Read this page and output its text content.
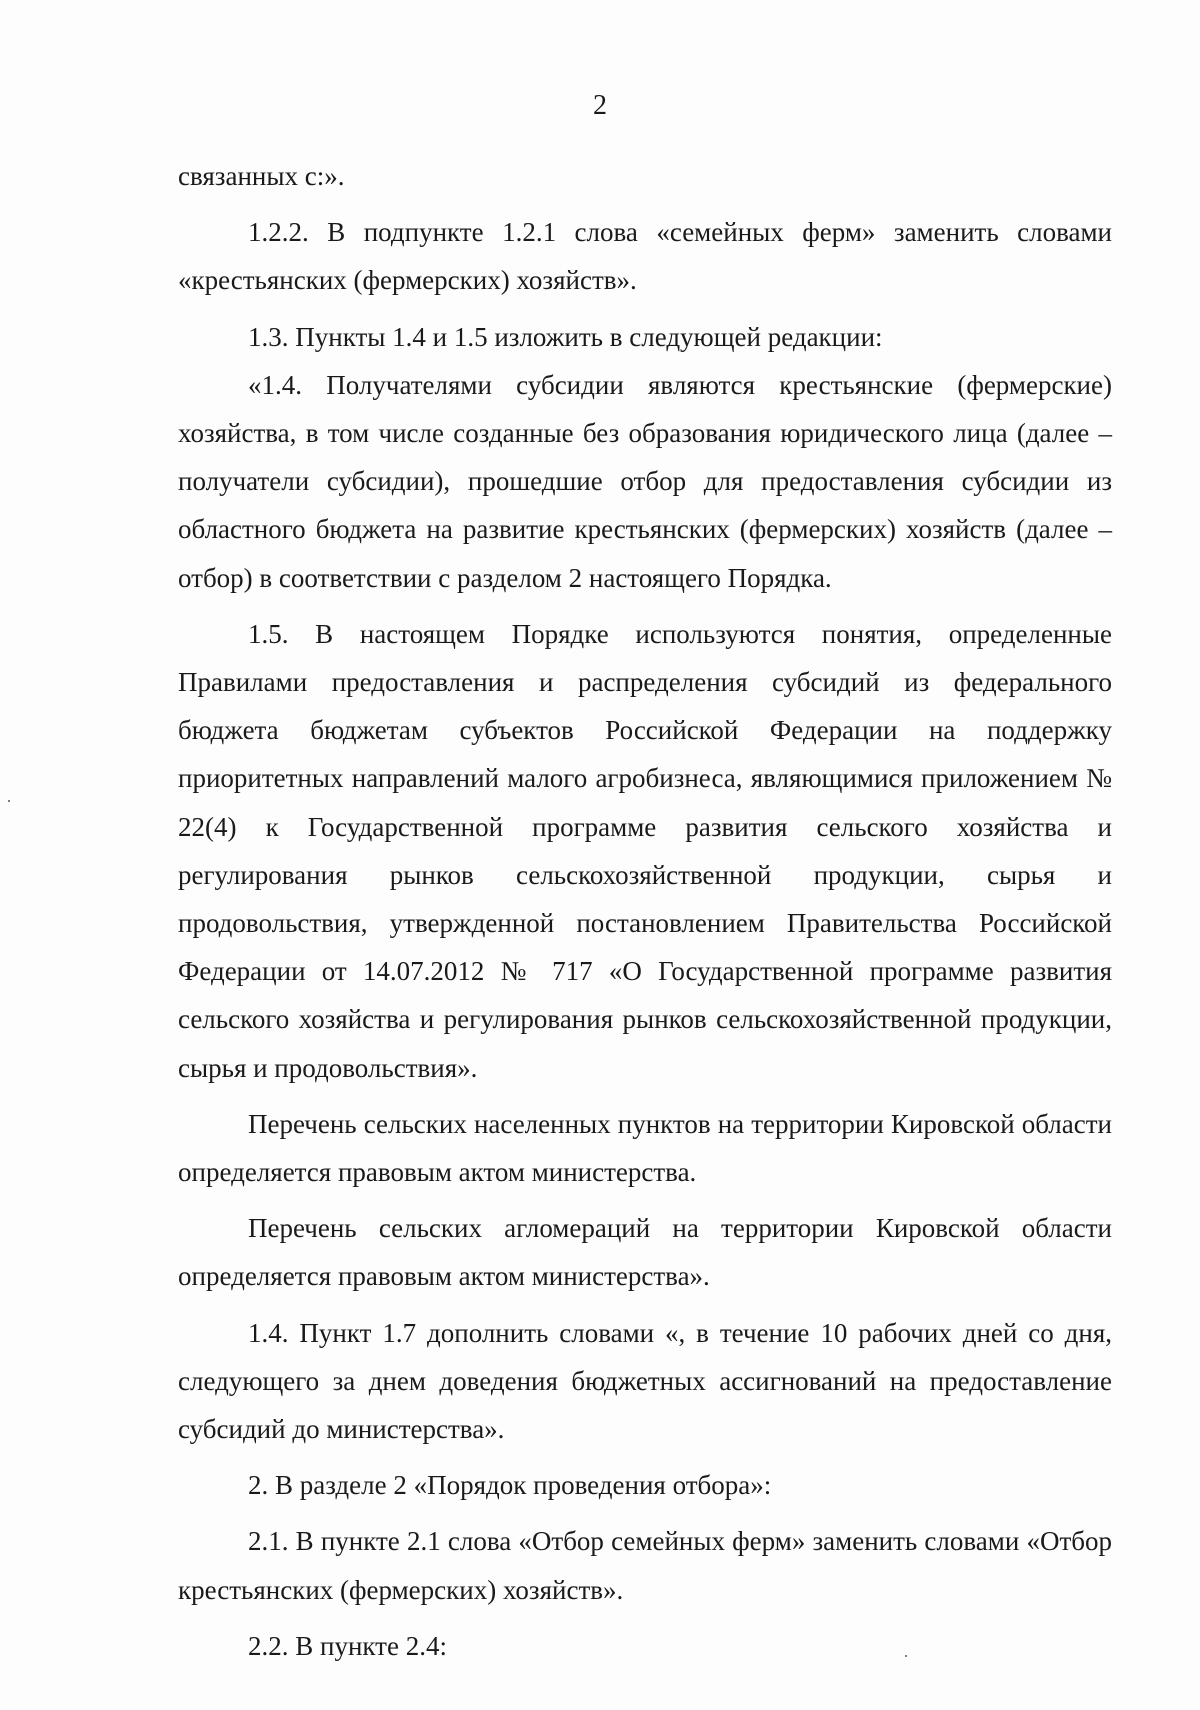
2

связанных с:».

1.2.2. В подпункте 1.2.1 слова «семейных ферм» заменить словами «крестьянских (фермерских) хозяйств».

1.3. Пункты 1.4 и 1.5 изложить в следующей редакции:

«1.4. Получателями субсидии являются крестьянские (фермерские) хозяйства, в том числе созданные без образования юридического лица (далее – получатели субсидии), прошедшие отбор для предоставления субсидии из областного бюджета на развитие крестьянских (фермерских) хозяйств (далее – отбор) в соответствии с разделом 2 настоящего Порядка.

1.5. В настоящем Порядке используются понятия, определенные Правилами предоставления и распределения субсидий из федерального бюджета бюджетам субъектов Российской Федерации на поддержку приоритетных направлений малого агробизнеса, являющимися приложением № 22(4) к Государственной программе развития сельского хозяйства и регулирования рынков сельскохозяйственной продукции, сырья и продовольствия, утвержденной постановлением Правительства Российской Федерации от 14.07.2012 № 717 «О Государственной программе развития сельского хозяйства и регулирования рынков сельскохозяйственной продукции, сырья и продовольствия».

Перечень сельских населенных пунктов на территории Кировской области определяется правовым актом министерства.

Перечень сельских агломераций на территории Кировской области определяется правовым актом министерства».

1.4. Пункт 1.7 дополнить словами «, в течение 10 рабочих дней со дня, следующего за днем доведения бюджетных ассигнований на предоставление субсидий до министерства».

2. В разделе 2 «Порядок проведения отбора»:

2.1. В пункте 2.1 слова «Отбор семейных ферм» заменить словами «Отбор крестьянских (фермерских) хозяйств».

2.2. В пункте 2.4:
